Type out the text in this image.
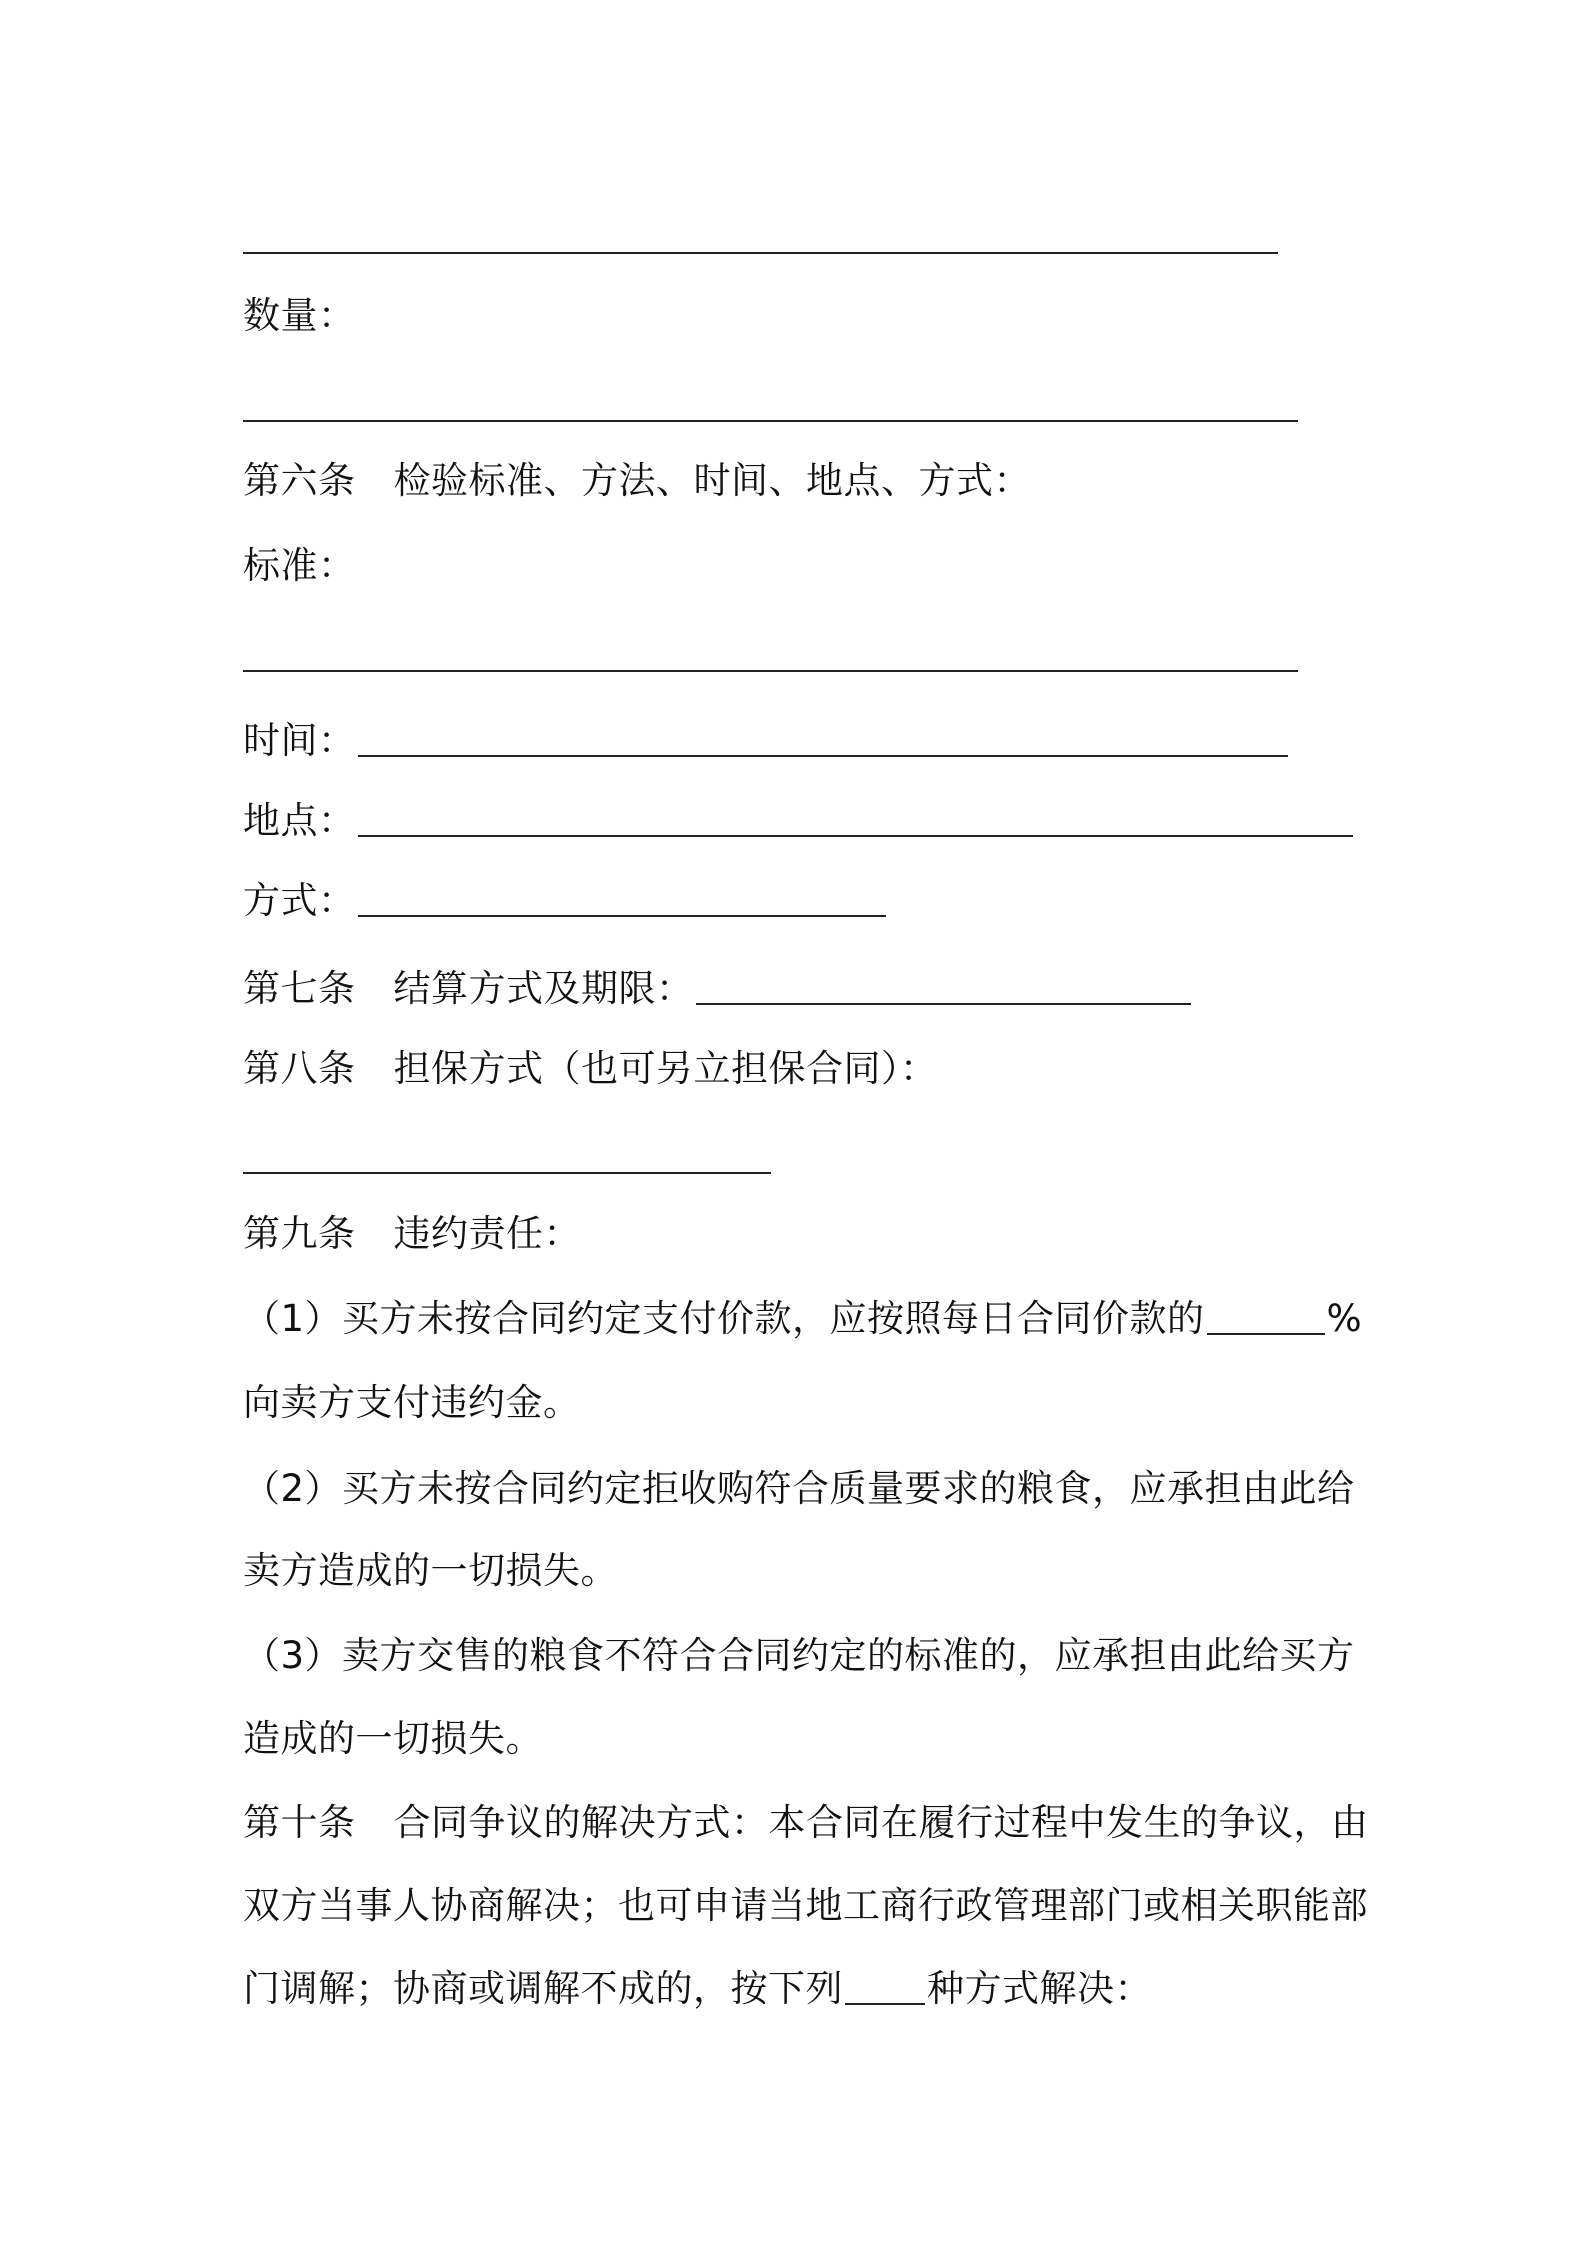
数量：
第六条 检验标准、方法、时间、地点、方式：
标准：
时间：
地点：
方式：
第七条 结算方式及期限：
第八条 担保方式（也可另立担保合同）：
第九条 违约责任：
（1）买方未按合同约定支付价款，应按照每日合同价款的	%
向卖方支付违约金。
（2）买方未按合同约定拒收购符合质量要求的粮食，应承担由此给
卖方造成的一切损失。
（3）卖方交售的粮食不符合合同约定的标准的，应承担由此给买方
造成的一切损失。
第十条 合同争议的解决方式：本合同在履行过程中发生的争议，由
双方当事人协商解决；也可申请当地工商行政管理部门或相关职能部
门调解；协商或调解不成的，按下列 种方式解决：
